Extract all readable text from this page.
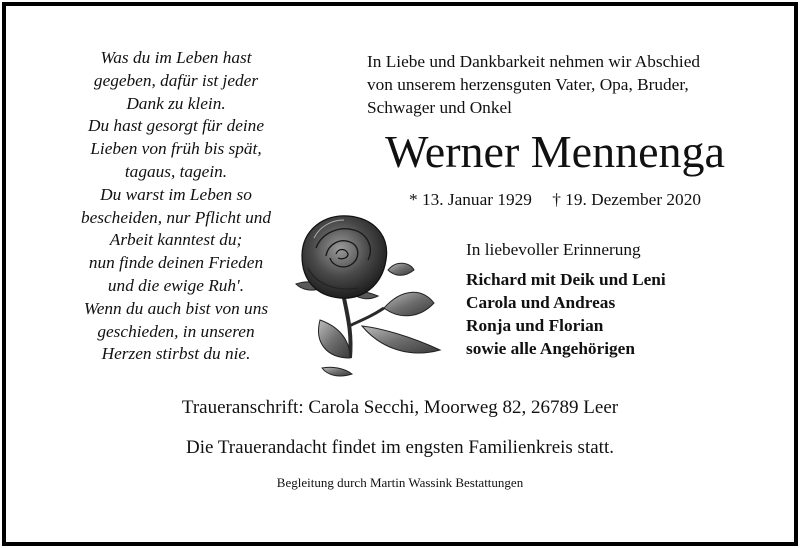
Was du im Leben hast
gegeben, dafür ist jeder
Dank zu klein.
Du hast gesorgt für deine
Lieben von früh bis spät,
tagaus, tagein.
Du warst im Leben so
bescheiden, nur Pflicht und
Arbeit kanntest du;
nun finde deinen Frieden
und die ewige Ruh'.
Wenn du auch bist von uns
geschieden, in unseren
Herzen stirbst du nie.
In Liebe und Dankbarkeit nehmen wir Abschied
von unserem herzensguten Vater, Opa, Bruder,
Schwager und Onkel
Werner Mennenga
* 13. Januar 1929 † 19. Dezember 2020
In liebevoller Erinnerung
Richard mit Deik und Leni
Carola und Andreas
Ronja und Florian
sowie alle Angehörigen
Traueranschrift: Carola Secchi, Moorweg 82, 26789 Leer
Die Trauerandacht findet im engsten Familienkreis statt.
Begleitung durch Martin Wassink Bestattungen
